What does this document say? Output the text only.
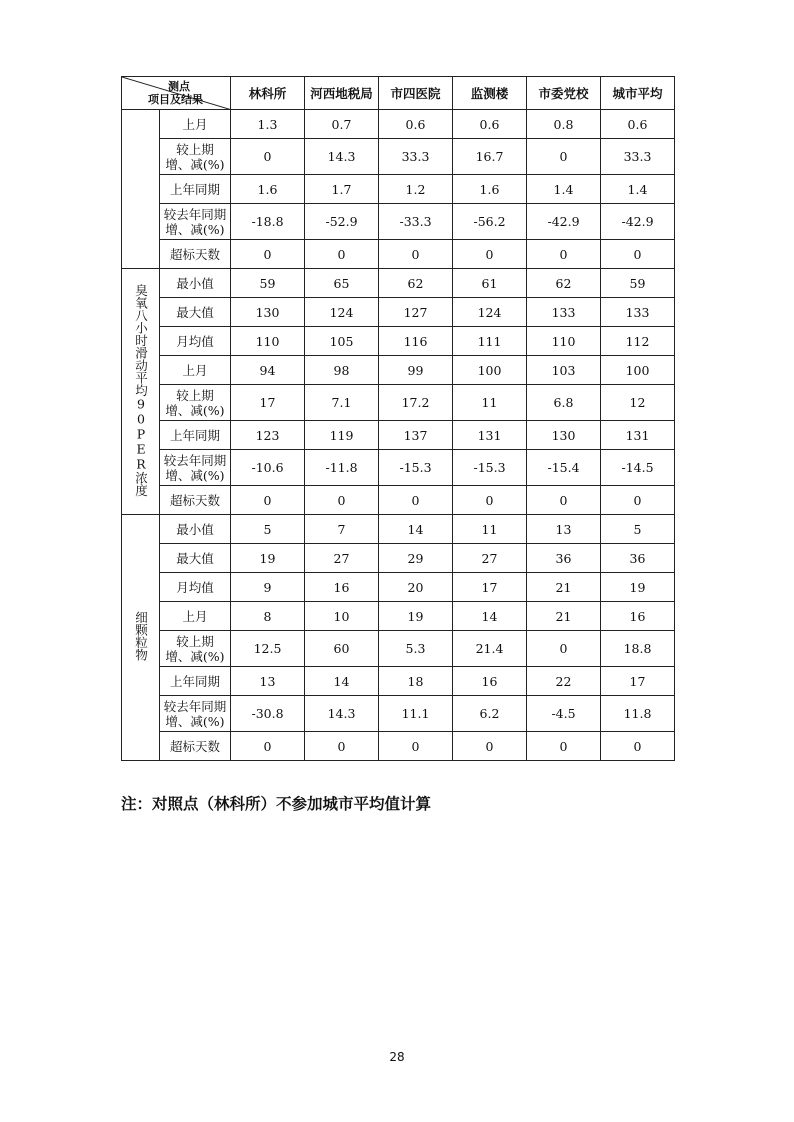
测点
项目及结果		林科所	河西地税局	市四医院	监测楼	市委党校	城市平均
	上月	1.3	0.7	0.6	0.6	0.8	0.6
	较上期
增、减(%)	0	14.3	33.3	16.7	0	33.3
	上年同期	1.6	1.7	1.2	1.6	1.4	1.4
	较去年同期
增、减(%)	-18.8	-52.9	-33.3	-56.2	-42.9	-42.9
	超标天数	0	0	0	0	0	0
臭氧八小时滑动平均90PER浓度	最小值	59	65	62	61	62	59
	最大值	130	124	127	124	133	133
	月均值	110	105	116	111	110	112
	上月	94	98	99	100	103	100
	较上期
增、减(%)	17	7.1	17.2	11	6.8	12
	上年同期	123	119	137	131	130	131
	较去年同期
增、减(%)	-10.6	-11.8	-15.3	-15.3	-15.4	-14.5
	超标天数	0	0	0	0	0	0
细颗粒物	最小值	5	7	14	11	13	5
	最大值	19	27	29	27	36	36
	月均值	9	16	20	17	21	19
	上月	8	10	19	14	21	16
	较上期
增、减(%)	12.5	60	5.3	21.4	0	18.8
	上年同期	13	14	18	16	22	17
	较去年同期
增、减(%)	-30.8	14.3	11.1	6.2	-4.5	11.8
	超标天数	0	0	0	0	0	0
注：对照点（林科所）不参加城市平均值计算
28
